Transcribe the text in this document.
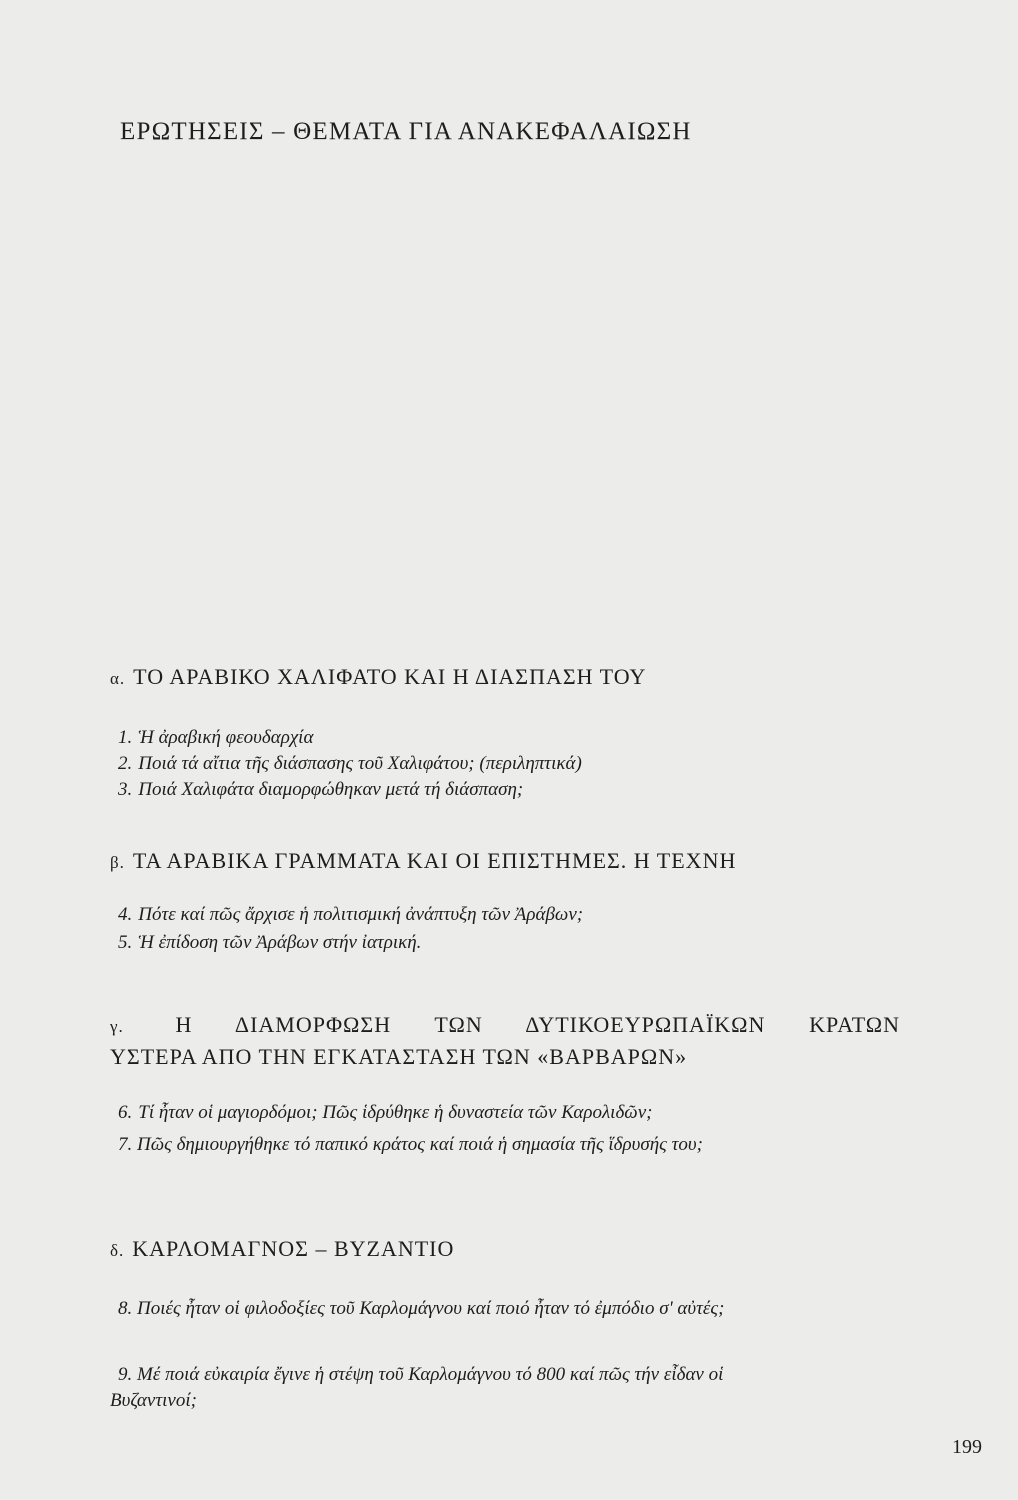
ΕΡΩΤΗΣΕΙΣ – ΘΕΜΑΤΑ ΓΙΑ ΑΝΑΚΕΦΑΛΑΙΩΣΗ
α. ΤΟ ΑΡΑΒΙΚΟ ΧΑΛΙΦΑΤΟ ΚΑΙ Η ΔΙΑΣΠΑΣΗ ΤΟΥ

1. Ἡ ἀραβική φεουδαρχία

2. Ποιά τά αἴτια τῆς διάσπασης τοῦ Χαλιφάτου; (περιληπτικά)

3. Ποιά Χαλιφάτα διαμορφώθηκαν μετά τή διάσπαση;

β. ΤΑ ΑΡΑΒΙΚΑ ΓΡΑΜΜΑΤΑ ΚΑΙ ΟΙ ΕΠΙΣΤΗΜΕΣ. Η ΤΕΧΝΗ

4. Πότε καί πῶς ἄρχισε ἡ πολιτισμική ἀνάπτυξη τῶν Ἀράβων;

5. Ἡ ἐπίδοση τῶν Ἀράβων στήν ἰατρική.

γ. Η ΔΙΑΜΟΡΦΩΣΗ ΤΩΝ ΔΥΤΙΚΟΕΥΡΩΠΑΪΚΩΝ ΚΡΑΤΩΝ
ΥΣΤΕΡΑ ΑΠΟ ΤΗΝ ΕΓΚΑΤΑΣΤΑΣΗ ΤΩΝ «ΒΑΡΒΑΡΩΝ»

6. Τί ἦταν οἱ μαγιορδόμοι; Πῶς ἱδρύθηκε ἡ δυναστεία τῶν Καρολιδῶν;

7. Πῶς δημιουργήθηκε τό παπικό κράτος καί ποιά ἡ σημασία τῆς ἵδρυσής του;

δ. ΚΑΡΛΟΜΑΓΝΟΣ – ΒΥΖΑΝΤΙΟ

8. Ποιές ἦταν οἱ φιλοδοξίες τοῦ Καρλομάγνου καί ποιό ἦταν τό ἐμπόδιο σ' αὐτές;

9. Μέ ποιά εὐκαιρία ἔγινε ἡ στέψη τοῦ Καρλομάγνου τό 800 καί πῶς τήν εἶδαν οἱ Βυζαντινοί;

199
